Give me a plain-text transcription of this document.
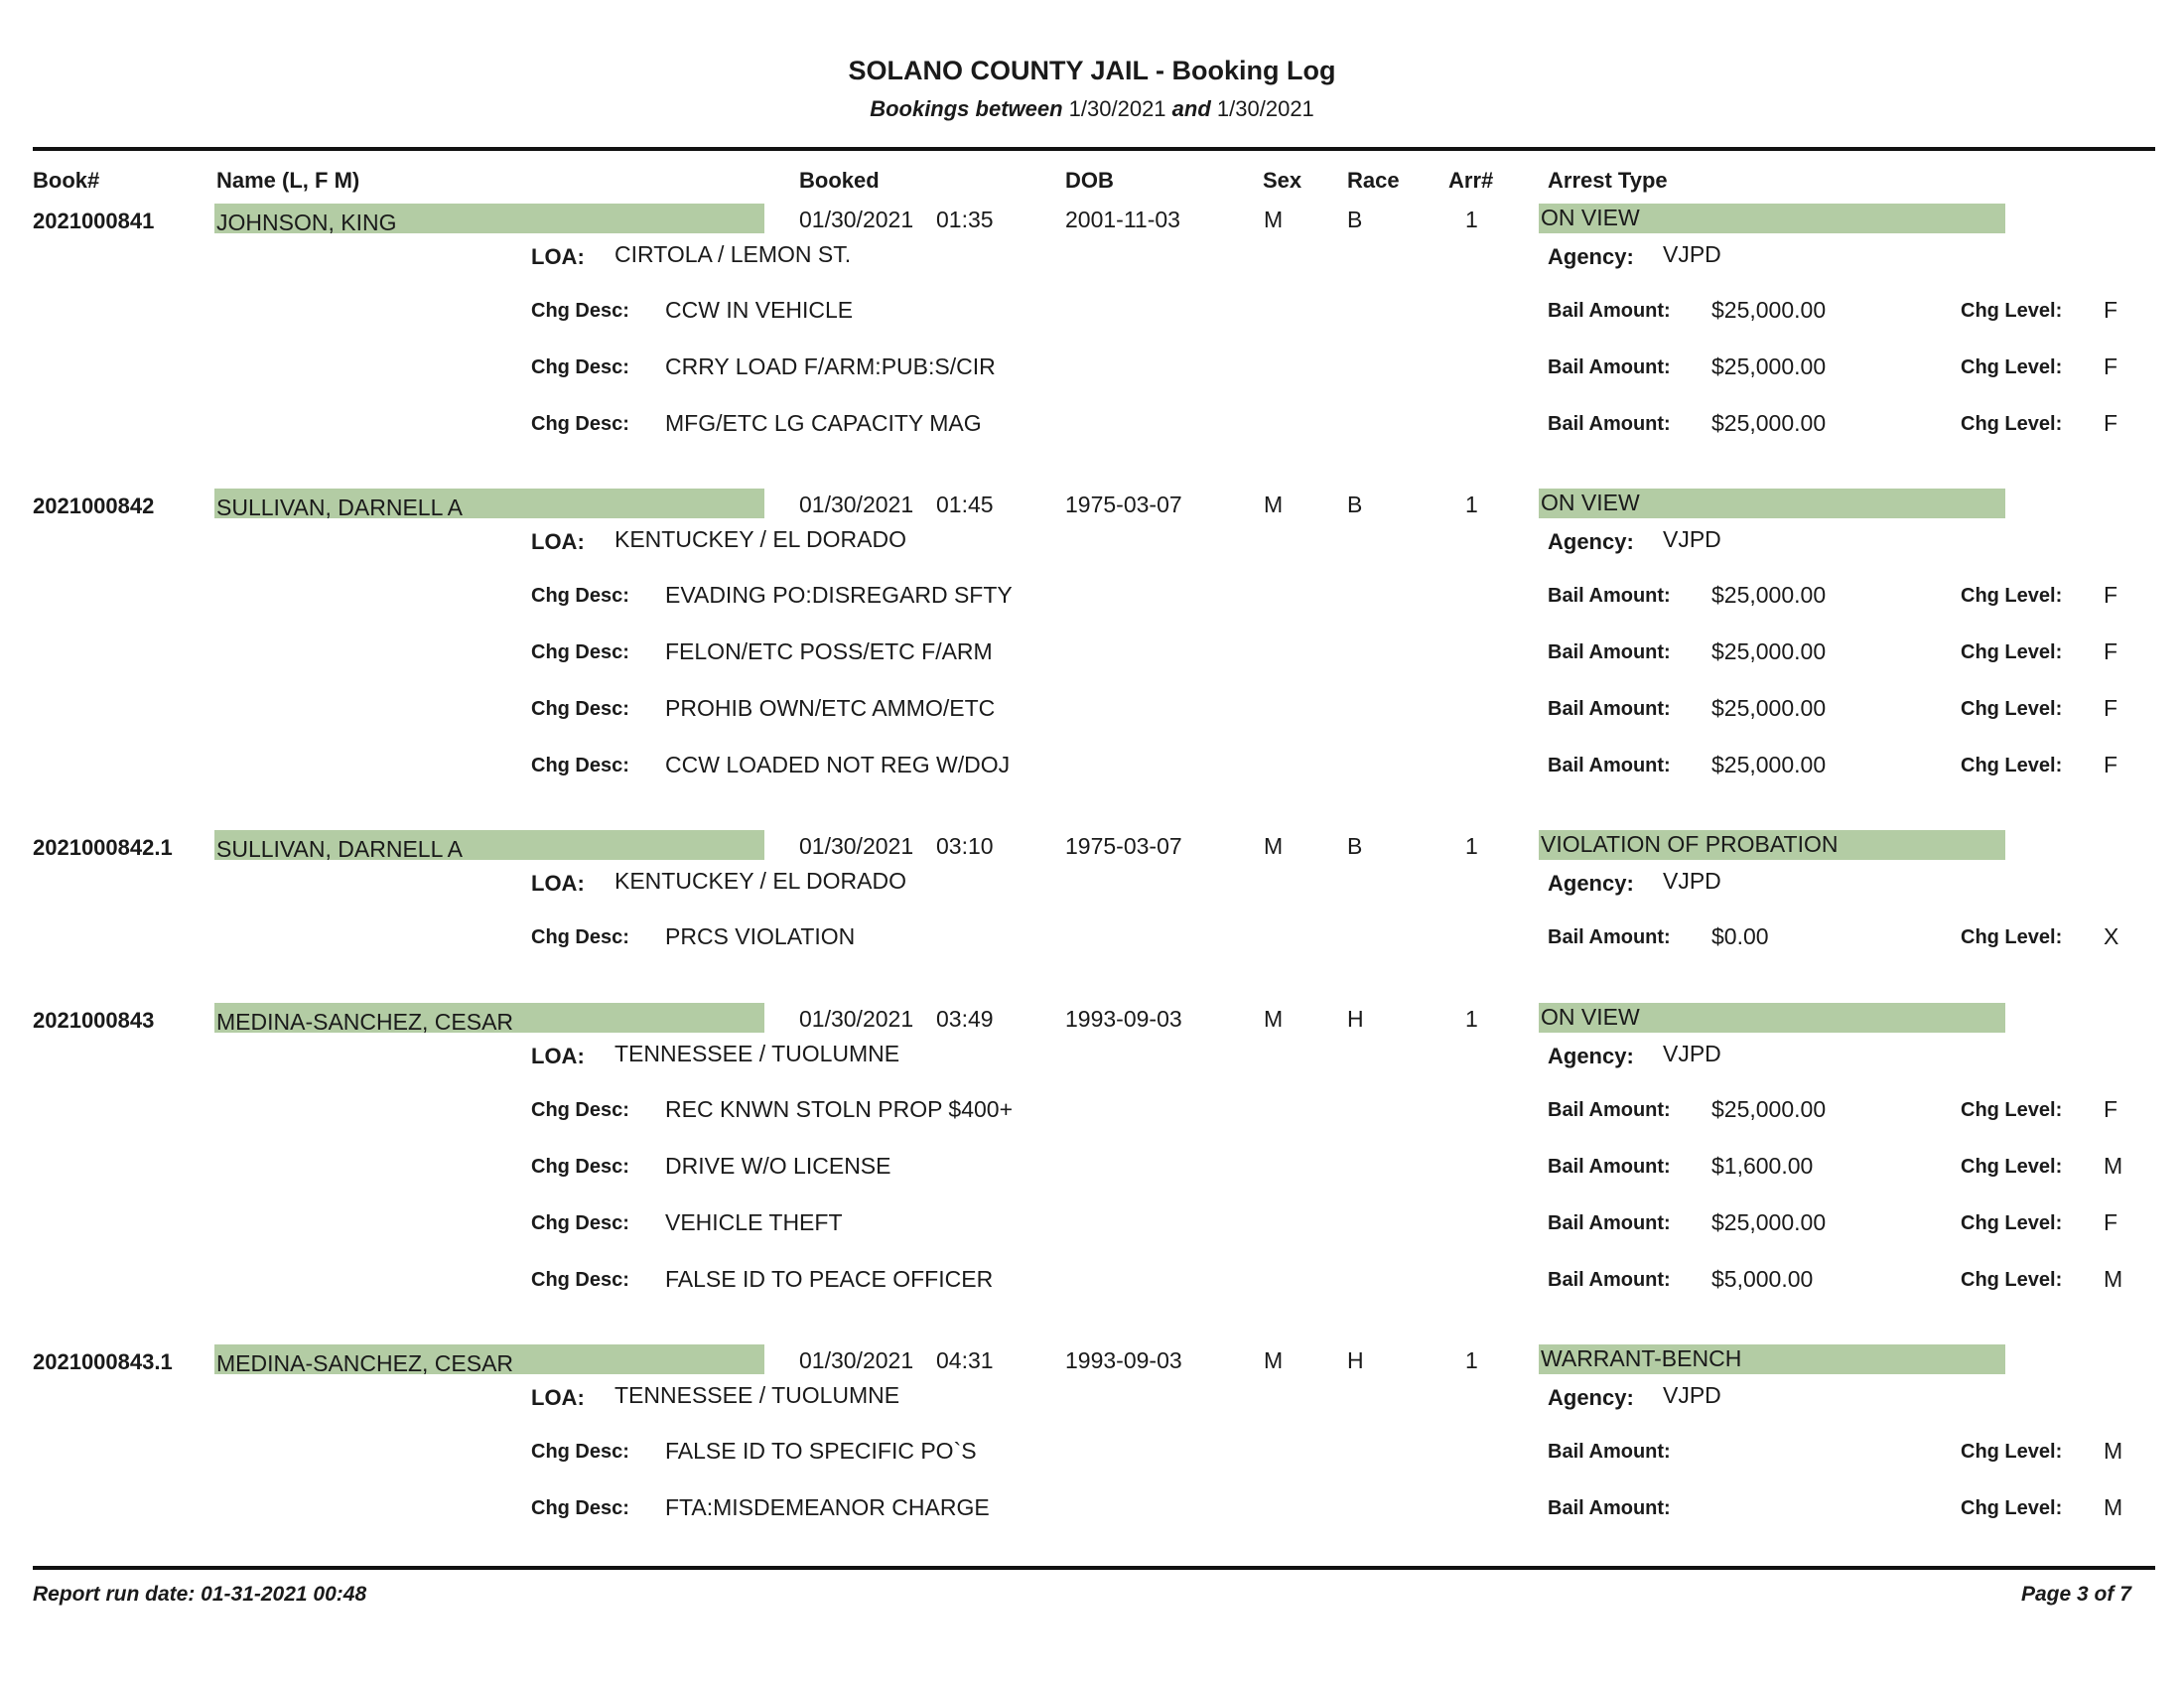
SOLANO COUNTY JAIL - Booking Log
Bookings between 1/30/2021 and 1/30/2021
Book#	Name (L, F M)	Booked	DOB	Sex Race Arr# Arrest Type
2021000841	JOHNSON, KING	01/30/2021 01:35	2001-11-03	M	B	1	ON VIEW
LOA: CIRTOLA / LEMON ST.	Agency: VJPD
Chg Desc: CCW IN VEHICLE	Bail Amount: $25,000.00	Chg Level: F
Chg Desc: CRRY LOAD F/ARM:PUB:S/CIR	Bail Amount: $25,000.00	Chg Level: F
Chg Desc: MFG/ETC LG CAPACITY MAG	Bail Amount: $25,000.00	Chg Level: F
2021000842	SULLIVAN, DARNELL A	01/30/2021 01:45	1975-03-07	M	B	1	ON VIEW
LOA: KENTUCKEY / EL DORADO	Agency: VJPD
Chg Desc: EVADING PO:DISREGARD SFTY	Bail Amount: $25,000.00	Chg Level: F
Chg Desc: FELON/ETC POSS/ETC F/ARM	Bail Amount: $25,000.00	Chg Level: F
Chg Desc: PROHIB OWN/ETC AMMO/ETC	Bail Amount: $25,000.00	Chg Level: F
Chg Desc: CCW LOADED NOT REG W/DOJ	Bail Amount: $25,000.00	Chg Level: F
2021000842.1 SULLIVAN, DARNELL A	01/30/2021 03:10	1975-03-07	M	B	1	VIOLATION OF PROBATION
LOA: KENTUCKEY / EL DORADO	Agency: VJPD
Chg Desc: PRCS VIOLATION	Bail Amount: $0.00	Chg Level: X
2021000843	MEDINA-SANCHEZ, CESAR	01/30/2021 03:49	1993-09-03	M	H	1	ON VIEW
LOA: TENNESSEE / TUOLUMNE	Agency: VJPD
Chg Desc: REC KNWN STOLN PROP $400+	Bail Amount: $25,000.00	Chg Level: F
Chg Desc: DRIVE W/O LICENSE	Bail Amount: $1,600.00	Chg Level: M
Chg Desc: VEHICLE THEFT	Bail Amount: $25,000.00	Chg Level: F
Chg Desc: FALSE ID TO PEACE OFFICER	Bail Amount: $5,000.00	Chg Level: M
2021000843.1 MEDINA-SANCHEZ, CESAR	01/30/2021 04:31	1993-09-03	M	H	1	WARRANT-BENCH
LOA: TENNESSEE / TUOLUMNE	Agency: VJPD
Chg Desc: FALSE ID TO SPECIFIC PO`S	Bail Amount:	Chg Level: M
Chg Desc: FTA:MISDEMEANOR CHARGE	Bail Amount:	Chg Level: M
Report run date: 01-31-2021 00:48	Page 3 of 7
